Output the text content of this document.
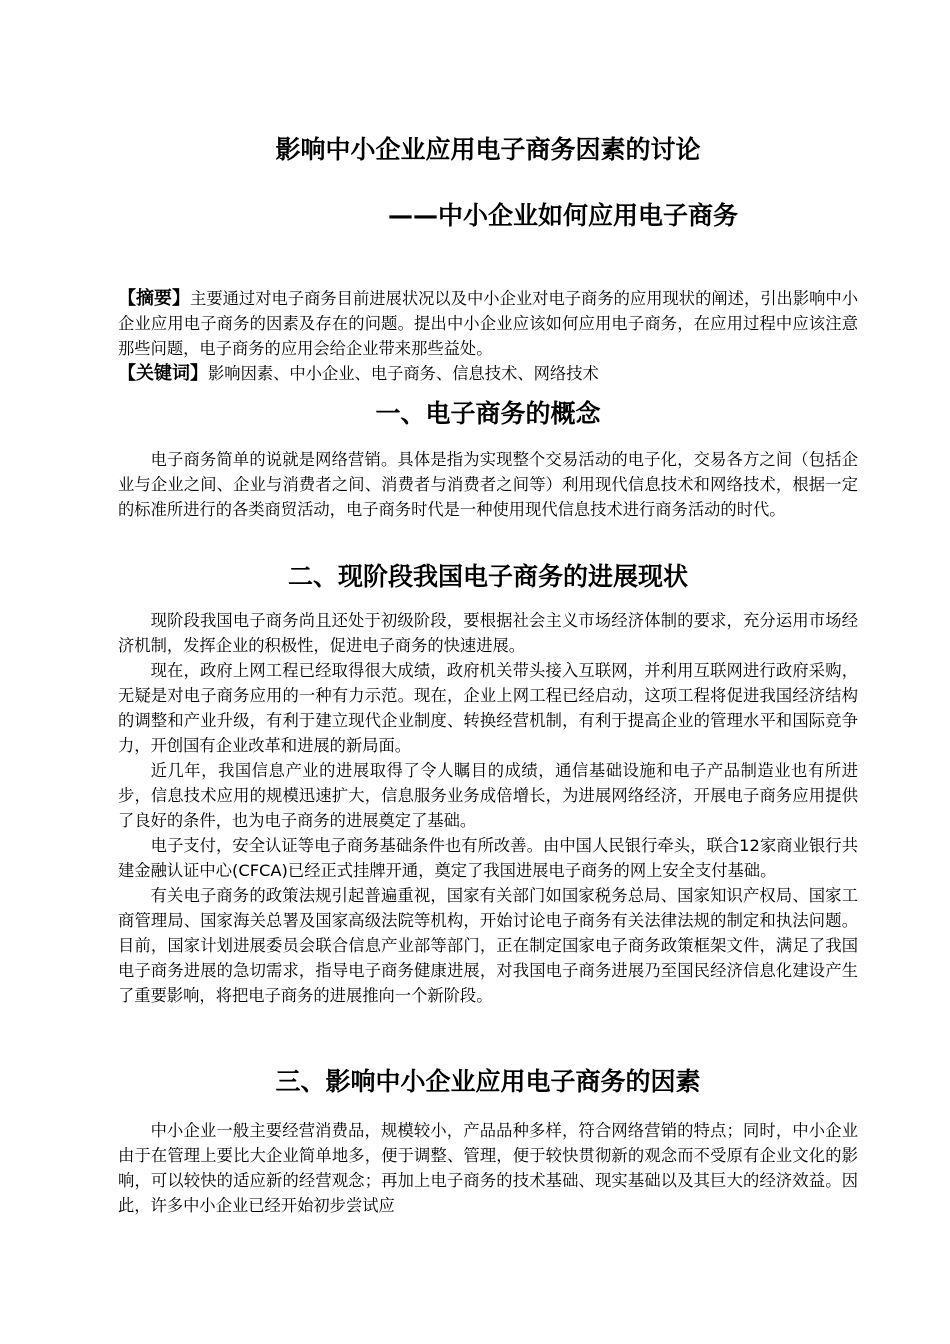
影响中小企业应用电子商务因素的讨论
——中小企业如何应用电子商务

【摘要】主要通过对电子商务目前进展状况以及中小企业对电子商务的应用现状的阐述，引出影响中小企业应用电子商务的因素及存在的问题。提出中小企业应该如何应用电子商务，在应用过程中应该注意那些问题，电子商务的应用会给企业带来那些益处。

【关键词】影响因素、中小企业、电子商务、信息技术、网络技术

一、电子商务的概念

电子商务简单的说就是网络营销。具体是指为实现整个交易活动的电子化，交易各方之间（包括企业与企业之间、企业与消费者之间、消费者与消费者之间等）利用现代信息技术和网络技术，根据一定的标准所进行的各类商贸活动，电子商务时代是一种使用现代信息技术进行商务活动的时代。

二、现阶段我国电子商务的进展现状

现阶段我国电子商务尚且还处于初级阶段，要根据社会主义市场经济体制的要求，充分运用市场经济机制，发挥企业的积极性，促进电子商务的快速进展。

现在，政府上网工程已经取得很大成绩，政府机关带头接入互联网，并利用互联网进行政府采购，无疑是对电子商务应用的一种有力示范。现在，企业上网工程已经启动，这项工程将促进我国经济结构的调整和产业升级，有利于建立现代企业制度、转换经营机制，有利于提高企业的管理水平和国际竞争力，开创国有企业改革和进展的新局面。

近几年，我国信息产业的进展取得了令人瞩目的成绩，通信基础设施和电子产品制造业也有所进步，信息技术应用的规模迅速扩大，信息服务业务成倍增长，为进展网络经济，开展电子商务应用提供了良好的条件，也为电子商务的进展奠定了基础。

电子支付，安全认证等电子商务基础条件也有所改善。由中国人民银行牵头，联合12家商业银行共建金融认证中心(CFCA)已经正式挂牌开通，奠定了我国进展电子商务的网上安全支付基础。

有关电子商务的政策法规引起普遍重视，国家有关部门如国家税务总局、国家知识产权局、国家工商管理局、国家海关总署及国家高级法院等机构，开始讨论电子商务有关法律法规的制定和执法问题。目前，国家计划进展委员会联合信息产业部等部门，正在制定国家电子商务政策框架文件，满足了我国电子商务进展的急切需求，指导电子商务健康进展，对我国电子商务进展乃至国民经济信息化建设产生了重要影响，将把电子商务的进展推向一个新阶段。

三、影响中小企业应用电子商务的因素

中小企业一般主要经营消费品，规模较小，产品品种多样，符合网络营销的特点；同时，中小企业由于在管理上要比大企业简单地多，便于调整、管理，便于较快贯彻新的观念而不受原有企业文化的影响，可以较快的适应新的经营观念；再加上电子商务的技术基础、现实基础以及其巨大的经济效益。因此，许多中小企业已经开始初步尝试应
